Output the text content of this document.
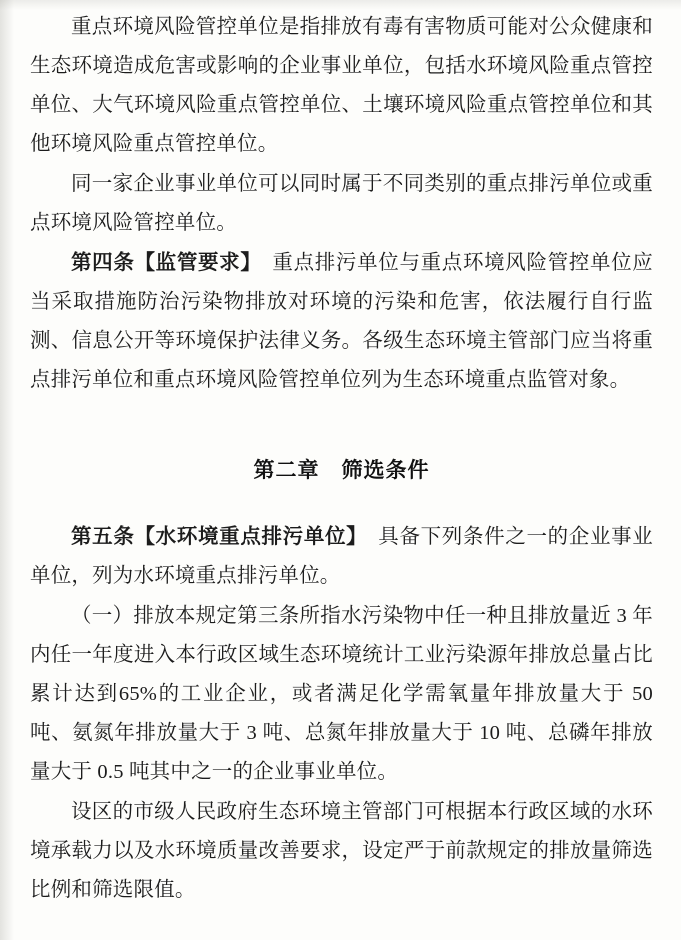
重点环境风险管控单位是指排放有毒有害物质可能对公众健康和生态环境造成危害或影响的企业事业单位，包括水环境风险重点管控单位、大气环境风险重点管控单位、土壤环境风险重点管控单位和其他环境风险重点管控单位。

同一家企业事业单位可以同时属于不同类别的重点排污单位或重点环境风险管控单位。

第四条【监管要求】　重点排污单位与重点环境风险管控单位应当采取措施防治污染物排放对环境的污染和危害，依法履行自行监测、信息公开等环境保护法律义务。各级生态环境主管部门应当将重点排污单位和重点环境风险管控单位列为生态环境重点监管对象。

第二章　筛选条件

第五条【水环境重点排污单位】　具备下列条件之一的企业事业单位，列为水环境重点排污单位。

（一）排放本规定第三条所指水污染物中任一种且排放量近 3 年内任一年度进入本行政区域生态环境统计工业污染源年排放总量占比累计达到65%的工业企业，或者满足化学需氧量年排放量大于 50 吨、氨氮年排放量大于 3 吨、总氮年排放量大于 10 吨、总磷年排放量大于 0.5 吨其中之一的企业事业单位。

设区的市级人民政府生态环境主管部门可根据本行政区域的水环境承载力以及水环境质量改善要求，设定严于前款规定的排放量筛选比例和筛选限值。
